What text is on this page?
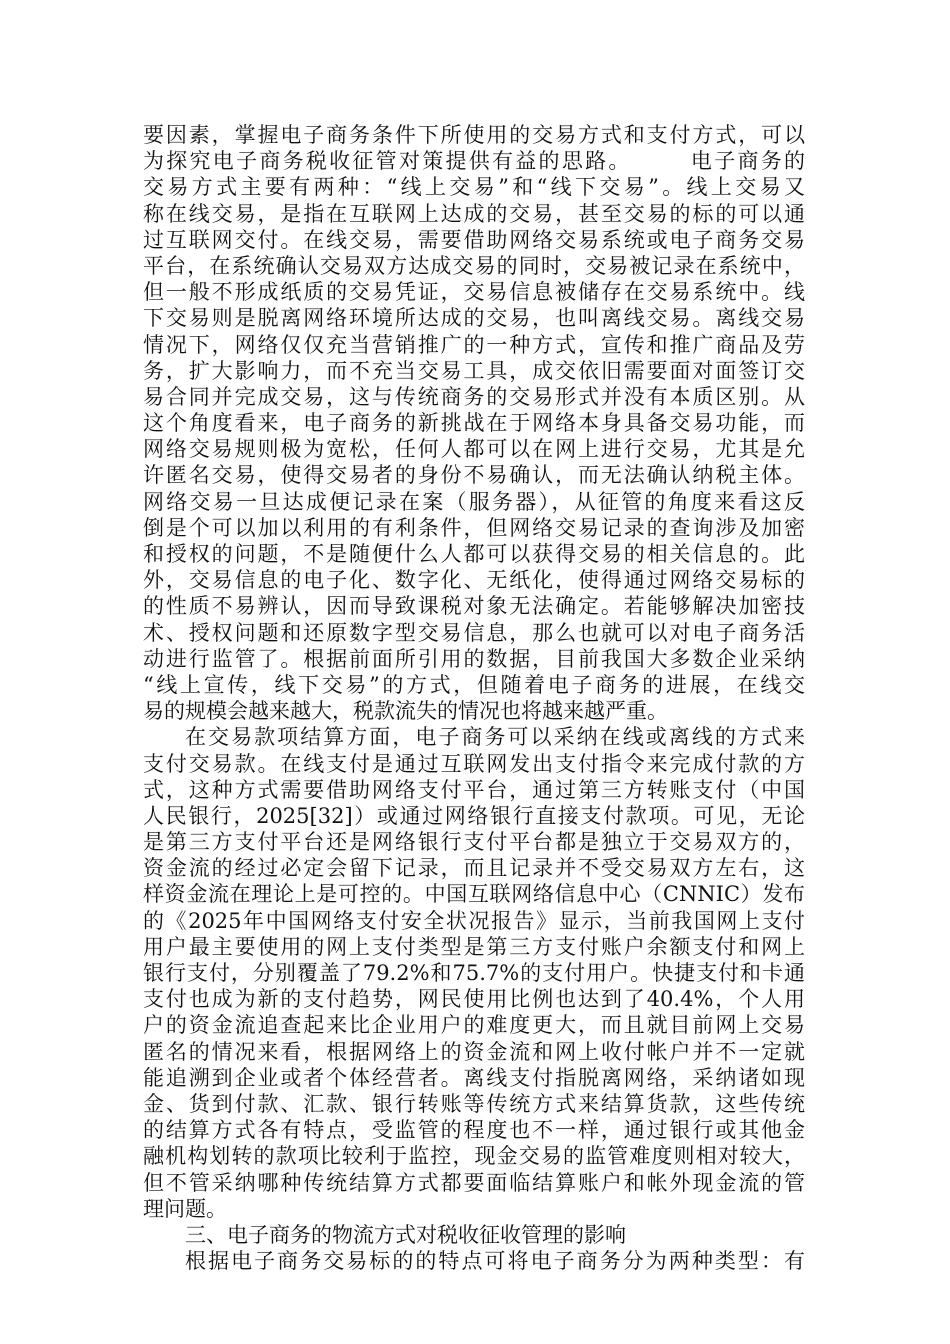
要因素，掌握电子商务条件下所使用的交易方式和支付方式，可以
为探究电子商务税收征管对策提供有益的思路。　　　电子商务的
交易方式主要有两种：“线上交易”和“线下交易”。线上交易又
称在线交易，是指在互联网上达成的交易，甚至交易的标的可以通
过互联网交付。在线交易，需要借助网络交易系统或电子商务交易
平台，在系统确认交易双方达成交易的同时，交易被记录在系统中，
但一般不形成纸质的交易凭证，交易信息被储存在交易系统中。线
下交易则是脱离网络环境所达成的交易，也叫离线交易。离线交易
情况下，网络仅仅充当营销推广的一种方式，宣传和推广商品及劳
务，扩大影响力，而不充当交易工具，成交依旧需要面对面签订交
易合同并完成交易，这与传统商务的交易形式并没有本质区别。从
这个角度看来，电子商务的新挑战在于网络本身具备交易功能，而
网络交易规则极为宽松，任何人都可以在网上进行交易，尤其是允
许匿名交易，使得交易者的身份不易确认，而无法确认纳税主体。
网络交易一旦达成便记录在案（服务器），从征管的角度来看这反
倒是个可以加以利用的有利条件，但网络交易记录的查询涉及加密
和授权的问题，不是随便什么人都可以获得交易的相关信息的。此
外，交易信息的电子化、数字化、无纸化，使得通过网络交易标的
的性质不易辨认，因而导致课税对象无法确定。若能够解决加密技
术、授权问题和还原数字型交易信息，那么也就可以对电子商务活
动进行监管了。根据前面所引用的数据，目前我国大多数企业采纳
“线上宣传，线下交易”的方式，但随着电子商务的进展，在线交
易的规模会越来越大，税款流失的情况也将越来越严重。
在交易款项结算方面，电子商务可以采纳在线或离线的方式来
支付交易款。在线支付是通过互联网发出支付指令来完成付款的方
式，这种方式需要借助网络支付平台，通过第三方转账支付（中国
人民银行，2025[32]）或通过网络银行直接支付款项。可见，无论
是第三方支付平台还是网络银行支付平台都是独立于交易双方的，
资金流的经过必定会留下记录，而且记录并不受交易双方左右，这
样资金流在理论上是可控的。中国互联网络信息中心（CNNIC）发布
的《2025年中国网络支付安全状况报告》显示，当前我国网上支付
用户最主要使用的网上支付类型是第三方支付账户余额支付和网上
银行支付，分别覆盖了79.2%和75.7%的支付用户。快捷支付和卡通
支付也成为新的支付趋势，网民使用比例也达到了40.4%，个人用
户的资金流追查起来比企业用户的难度更大，而且就目前网上交易
匿名的情况来看，根据网络上的资金流和网上收付帐户并不一定就
能追溯到企业或者个体经营者。离线支付指脱离网络，采纳诸如现
金、货到付款、汇款、银行转账等传统方式来结算货款，这些传统
的结算方式各有特点，受监管的程度也不一样，通过银行或其他金
融机构划转的款项比较利于监控，现金交易的监管难度则相对较大，
但不管采纳哪种传统结算方式都要面临结算账户和帐外现金流的管
理问题。
三、电子商务的物流方式对税收征收管理的影响
根据电子商务交易标的的特点可将电子商务分为两种类型：有
